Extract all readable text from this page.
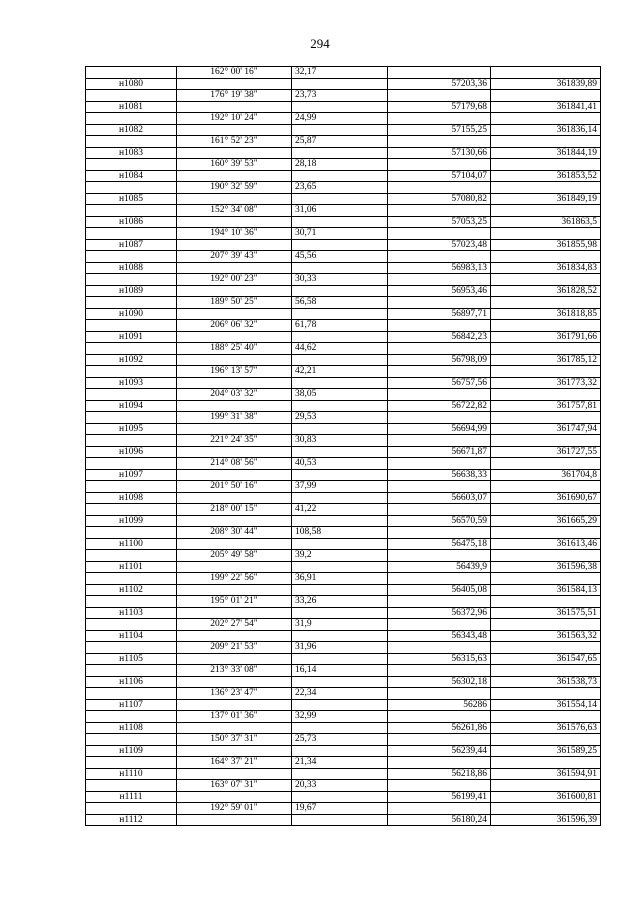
294
	162° 00' 16"	32,17		
н1080			57203,36	361839,89
	176° 19' 38"	23,73		
н1081			57179,68	361841,41
	192° 10' 24"	24,99		
н1082			57155,25	361836,14
	161° 52' 23"	25,87		
н1083			57130,66	361844,19
	160° 39' 53"	28,18		
н1084			57104,07	361853,52
	190° 32' 59"	23,65		
н1085			57080,82	361849,19
	152° 34' 08"	31,06		
н1086			57053,25	361863,5
	194° 10' 36"	30,71		
н1087			57023,48	361855,98
	207° 39' 43"	45,56		
н1088			56983,13	361834,83
	192° 00' 23"	30,33		
н1089			56953,46	361828,52
	189° 50' 25"	56,58		
н1090			56897,71	361818,85
	206° 06' 32"	61,78		
н1091			56842,23	361791,66
	188° 25' 40"	44,62		
н1092			56798,09	361785,12
	196° 13' 57"	42,21		
н1093			56757,56	361773,32
	204° 03' 32"	38,05		
н1094			56722,82	361757,81
	199° 31' 38"	29,53		
н1095			56694,99	361747,94
	221° 24' 35"	30,83		
н1096			56671,87	361727,55
	214° 08' 56"	40,53		
н1097			56638,33	361704,8
	201° 50' 16"	37,99		
н1098			56603,07	361690,67
	218° 00' 15"	41,22		
н1099			56570,59	361665,29
	208° 30' 44"	108,58		
н1100			56475,18	361613,46
	205° 49' 58"	39,2		
н1101			56439,9	361596,38
	199° 22' 56"	36,91		
н1102			56405,08	361584,13
	195° 01' 21"	33,26		
н1103			56372,96	361575,51
	202° 27' 54"	31,9		
н1104			56343,48	361563,32
	209° 21' 53"	31,96		
н1105			56315,63	361547,65
	213° 33' 08"	16,14		
н1106			56302,18	361538,73
	136° 23' 47"	22,34		
н1107			56286	361554,14
	137° 01' 36"	32,99		
н1108			56261,86	361576,63
	150° 37' 31"	25,73		
н1109			56239,44	361589,25
	164° 37' 21"	21,34		
н1110			56218,86	361594,91
	163° 07' 31"	20,33		
н1111			56199,41	361600,81
	192° 59' 01"	19,67		
н1112			56180,24	361596,39
